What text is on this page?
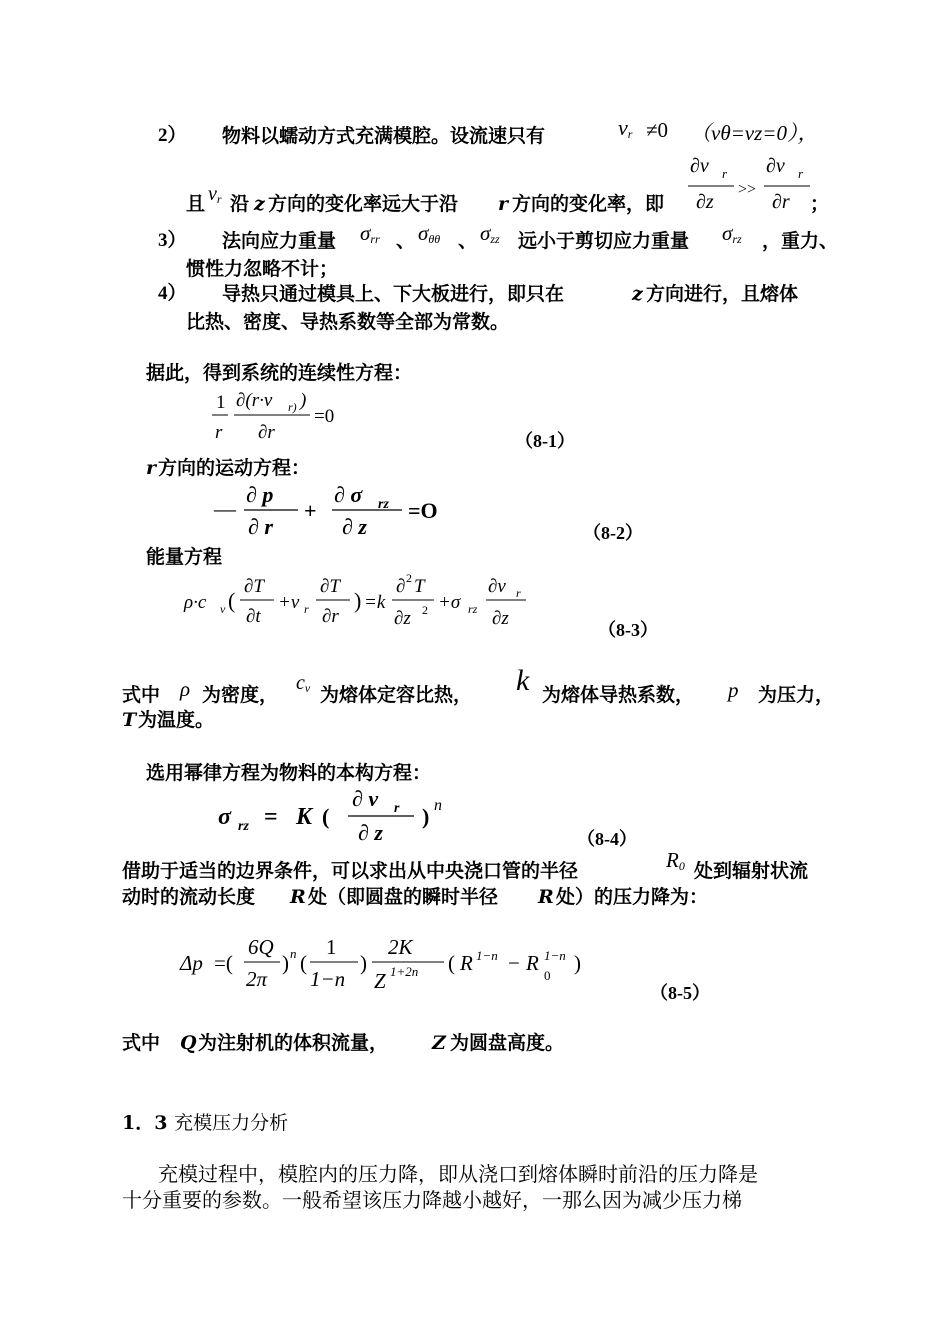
2） 物料以蠕动方式充满模腔。设流速只有	$v_r \ne 0$ （vθ=vz=0），
∂v r
∂z
>>
∂v r
∂r
且 $v_r$ 沿 z 方向的变化率远大于沿 r 方向的变化率，即	；
3） 法向应力重量 $\sigma_{rr}$ 、 $\sigma_{\theta\theta}$ 、 $\sigma_{zz}$ 远小于剪切应力重量 $\sigma_{rz}$ ，重力、
惯性力忽略不计；
4） 导热只通过模具上、下大板进行，即只在	z 方向进行，且熔体
比热、密度、导热系数等全部为常数。
据此，得到系统的连续性方程：
1
r
∂(r·v r) )
∂r
=0
（8-1）
r 方向的运动方程：
—
∂ p
∂ r
+
∂ σ rz
∂ z
=O
（8-2）
能量方程
ρ·c v (
∂T
∂t
+v r
∂T
∂r
) =k
∂ 2 T
∂z 2 +σ rz
∂v r
∂z
（8-3）
式中 ρ 为密度，
$c_v$ 为熔体定容比热， k 为熔体导热系数， p 为压力，
T 为温度。
选用幂律方程为物料的本构方程：
σ rz = K (
∂ v r
∂ z
) n
（8-4）
借助于适当的边界条件，可以求出从中央浇口管的半径	$R_0$ 处到辐射状流
动时的流动长度 R 处（即圆盘的瞬时半径 R 处）的压力降为：
Δp =(
6Q
2π
) n (
1
1−n
)
2K
Z 1+2n ( R 1−n − R 1−n
0
)
（8-5）
式中 Q 为注射机的体积流量， Z 为圆盘高度。
1．3 充模压力分析
充模过程中，模腔内的压力降，即从浇口到熔体瞬时前沿的压力降是
十分重要的参数。一般希望该压力降越小越好，一那么因为减少压力梯
